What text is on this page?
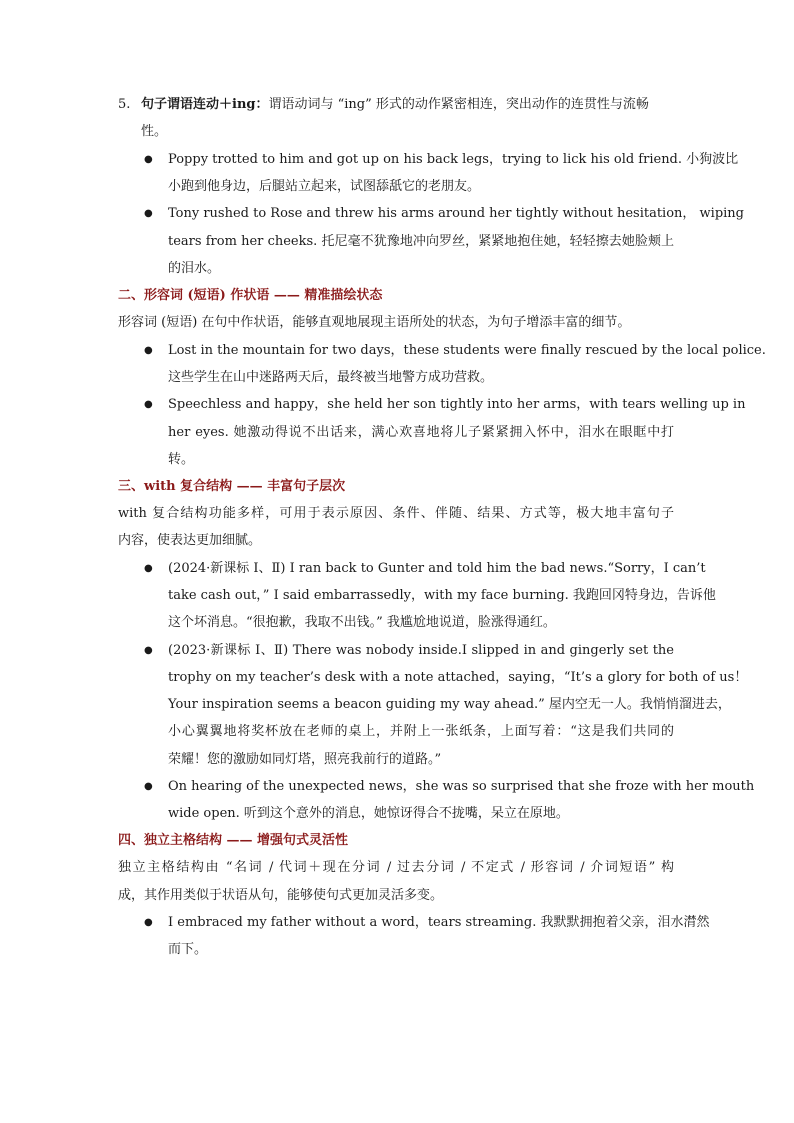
5. 句子谓语连动＋ing：谓语动词与 “ing” 形式的动作紧密相连，突出动作的连贯性与流畅
性。
● Poppy trotted to him and got up on his back legs，trying to lick his old friend. 小狗波比
小跑到他身边，后腿站立起来，试图舔舐它的老朋友。
● Tony rushed to Rose and threw his arms around her tightly without hesitation， wiping
tears from her cheeks. 托尼毫不犹豫地冲向罗丝，紧紧地抱住她，轻轻擦去她脸颊上
的泪水。
二、形容词 (短语) 作状语 —— 精准描绘状态
形容词 (短语) 在句中作状语，能够直观地展现主语所处的状态，为句子增添丰富的细节。
● Lost in the mountain for two days，these students were finally rescued by the local police.
这些学生在山中迷路两天后，最终被当地警方成功营救。
● Speechless and happy，she held her son tightly into her arms，with tears welling up in
her eyes. 她激动得说不出话来，满心欢喜地将儿子紧紧拥入怀中，泪水在眼眶中打
转。
三、with 复合结构 —— 丰富句子层次
with 复合结构功能多样，可用于表示原因、条件、伴随、结果、方式等，极大地丰富句子
内容，使表达更加细腻。
● (2024·新课标 Ⅰ、Ⅱ) I ran back to Gunter and told him the bad news.“Sorry，I can’t
take cash out，” I said embarrassedly，with my face burning. 我跑回冈特身边，告诉他
这个坏消息。“很抱歉，我取不出钱。” 我尴尬地说道，脸涨得通红。
● (2023·新课标 Ⅰ、Ⅱ) There was nobody inside.I slipped in and gingerly set the
trophy on my teacher’s desk with a note attached，saying，“It’s a glory for both of us！
Your inspiration seems a beacon guiding my way ahead.” 屋内空无一人。我悄悄溜进去，
小心翼翼地将奖杯放在老师的桌上，并附上一张纸条，上面写着：“这是我们共同的
荣耀！您的激励如同灯塔，照亮我前行的道路。”
● On hearing of the unexpected news，she was so surprised that she froze with her mouth
wide open. 听到这个意外的消息，她惊讶得合不拢嘴，呆立在原地。
四、独立主格结构 —— 增强句式灵活性
独立主格结构由 “名词 / 代词＋现在分词 / 过去分词 / 不定式 / 形容词 / 介词短语” 构
成，其作用类似于状语从句，能够使句式更加灵活多变。
● I embraced my father without a word，tears streaming. 我默默拥抱着父亲，泪水潸然
而下。
